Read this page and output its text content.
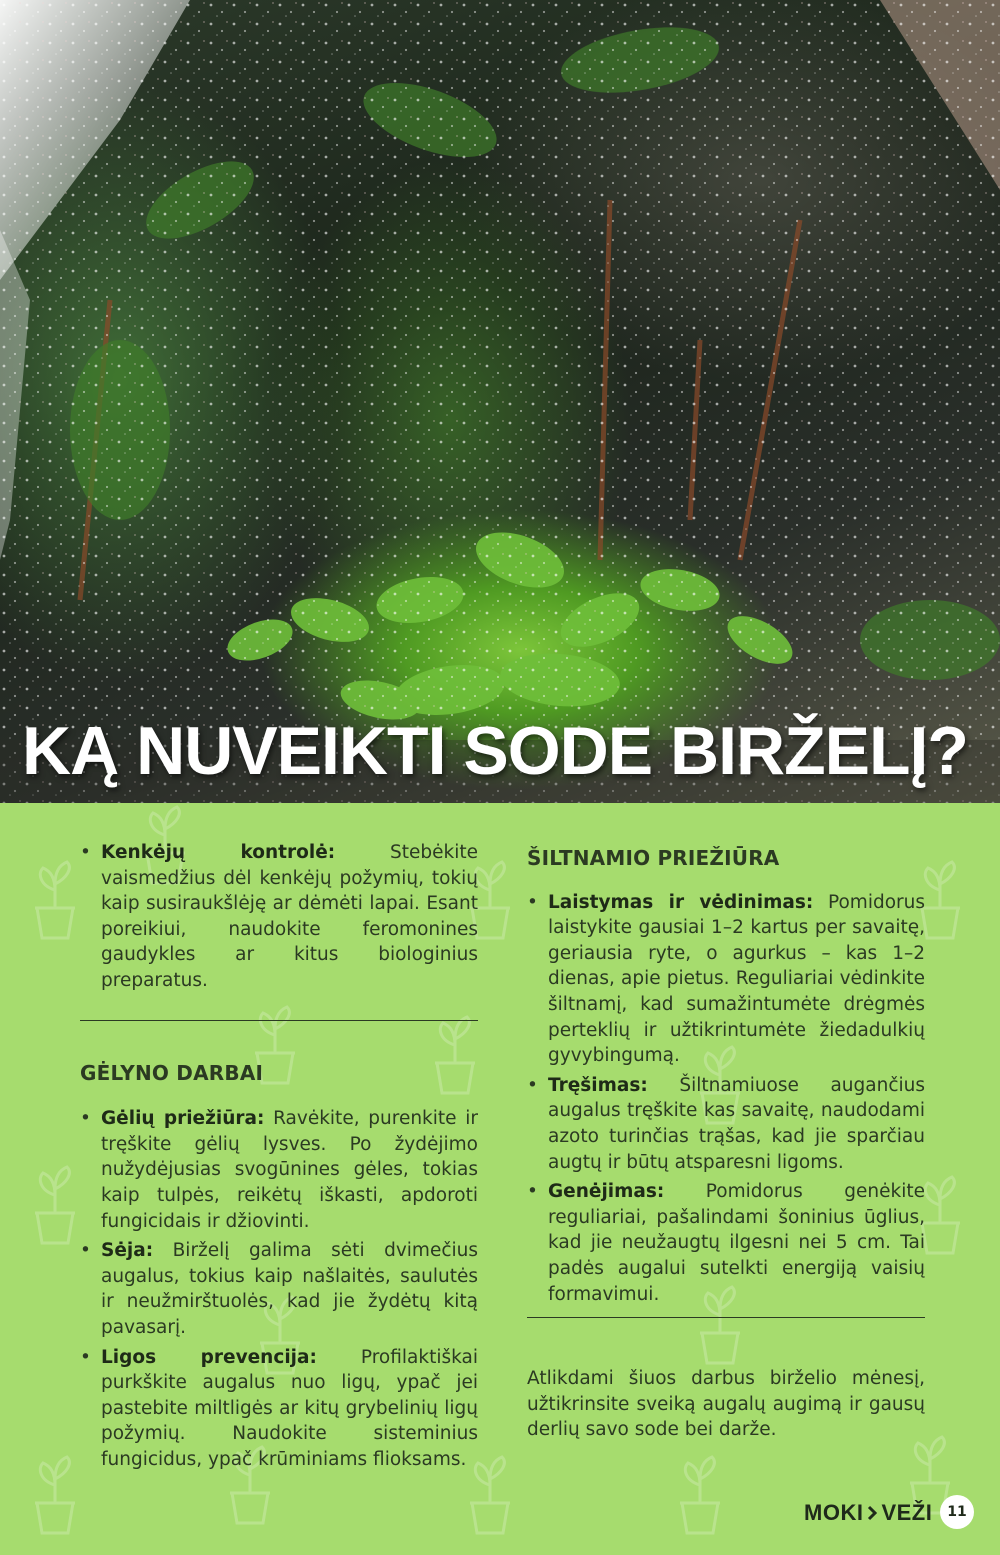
KĄ NUVEIKTI SODE BIRŽELĮ?
• Kenkėjų kontrolė: Stebėkite vaismedžius dėl kenkėjų požymių, tokių kaip susiraukšlėję ar dėmėti lapai. Esant poreikiui, naudokite feromonines gaudykles ar kitus biologinius preparatus.
GĖLYNO DARBAI
• Gėlių priežiūra: Ravėkite, purenkite ir tręškite gėlių lysves. Po žydėjimo nužydėjusias svogūnines gėles, tokias kaip tulpės, reikėtų iškasti, apdoroti fungicidais ir džiovinti.
• Sėja: Birželį galima sėti dvimečius augalus, tokius kaip našlaitės, saulutės ir neužmirštuolės, kad jie žydėtų kitą pavasarį.
• Ligos prevencija: Profilaktiškai purkškite augalus nuo ligų, ypač jei pastebite miltligės ar kitų grybelinių ligų požymių. Naudokite sisteminius fungicidus, ypač krūminiams flioksams.
ŠILTNAMIO PRIEŽIŪRA
• Laistymas ir vėdinimas: Pomidorus laistykite gausiai 1–2 kartus per savaitę, geriausia ryte, o agurkus – kas 1–2 dienas, apie pietus. Reguliariai vėdinkite šiltnamį, kad sumažintumėte drėgmės perteklių ir užtikrintumėte žiedadulkių gyvybingumą.
• Tręšimas: Šiltnamiuose augančius augalus tręškite kas savaitę, naudodami azoto turinčias trąšas, kad jie sparčiau augtų ir būtų atsparesni ligoms.
• Genėjimas: Pomidorus genėkite reguliariai, pašalindami šoninius ūglius, kad jie neužaugtų ilgesni nei 5 cm. Tai padės augalui sutelkti energiją vaisių formavimui.

Atlikdami šiuos darbus birželio mėnesį, užtikrinsite sveiką augalų augimą ir gausų derlių savo sode bei darže.

MOKI VEŽI	11
